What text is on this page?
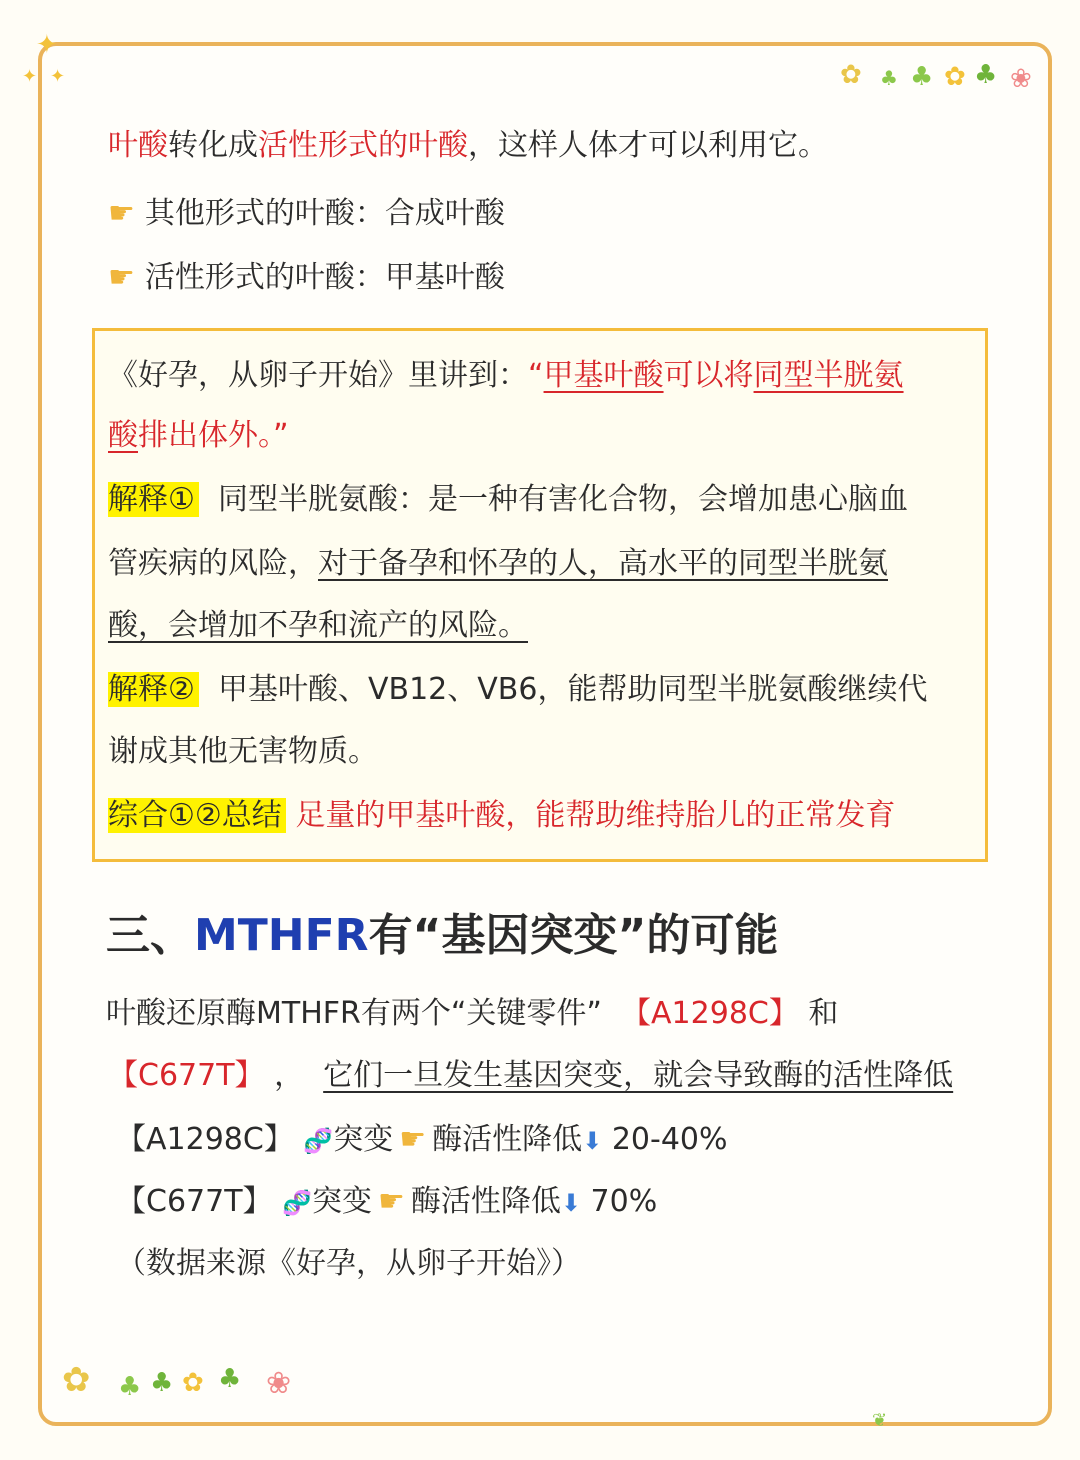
✦
✦ ✦	✿ ♣ ♣ ✿ ♣ ❀
叶酸转化成活性形式的叶酸，这样人体才可以利用它。
☛ 其他形式的叶酸：合成叶酸
☛ 活性形式的叶酸：甲基叶酸
《好孕，从卵子开始》里讲到：“甲基叶酸可以将同型半胱氨
酸排出体外。”
解释① 同型半胱氨酸：是一种有害化合物，会增加患心脑血
管疾病的风险，对于备孕和怀孕的人，高水平的同型半胱氨
酸，会增加不孕和流产的风险。
解释② 甲基叶酸、VB12、VB6，能帮助同型半胱氨酸继续代
谢成其他无害物质。
综合①②总结 足量的甲基叶酸，能帮助维持胎儿的正常发育
三、MTHFR有“基因突变”的可能
叶酸还原酶MTHFR有两个“关键零件” 【A1298C】 和
【C677T】 ， 它们一旦发生基因突变，就会导致酶的活性降低
【A1298C】 🧬突变 ☛ 酶活性降低⬇ 20-40%
【C677T】 🧬突变 ☛ 酶活性降低⬇ 70%
（数据来源《好孕，从卵子开始》）
✿ ♣ ♣ ✿ ♣ ❀
❦
